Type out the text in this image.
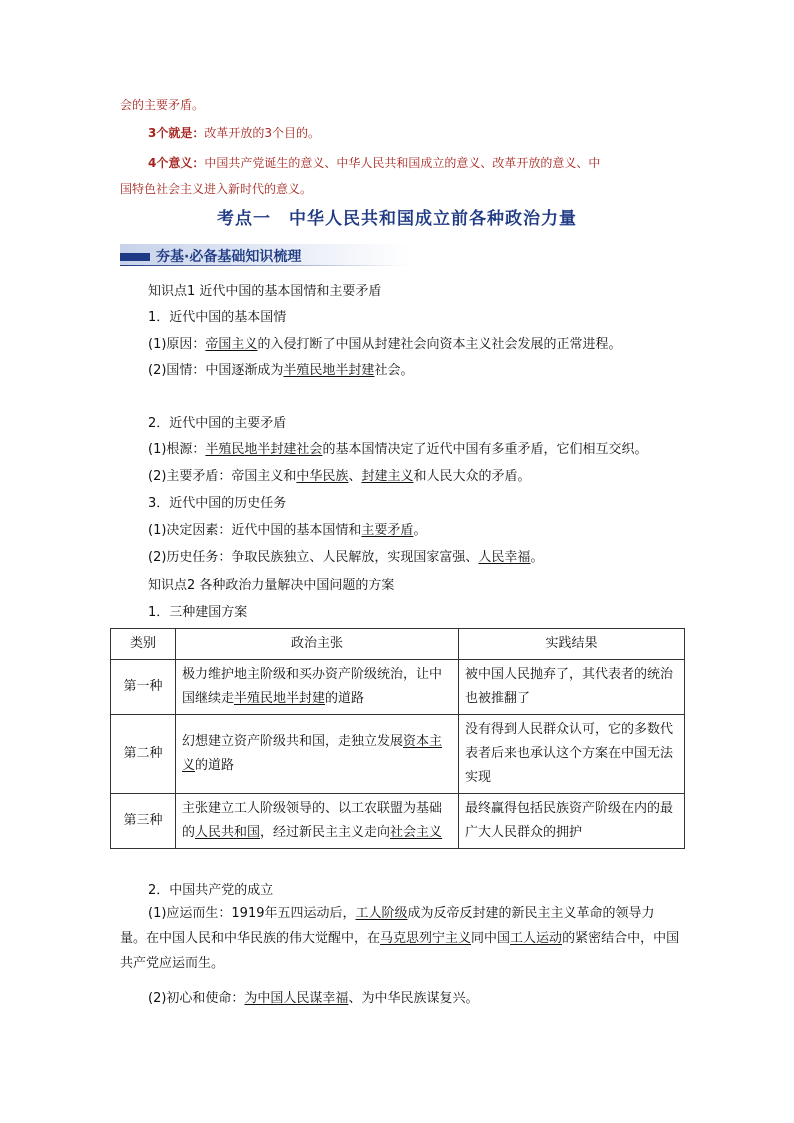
会的主要矛盾。
3个就是：改革开放的3个目的。
4个意义：中国共产党诞生的意义、中华人民共和国成立的意义、改革开放的意义、中
国特色社会主义进入新时代的意义。
考点一 中华人民共和国成立前各种政治力量
夯基·必备基础知识梳理
知识点1 近代中国的基本国情和主要矛盾
1．近代中国的基本国情
(1)原因：帝国主义的入侵打断了中国从封建社会向资本主义社会发展的正常进程。
(2)国情：中国逐渐成为半殖民地半封建社会。
2．近代中国的主要矛盾
(1)根源：半殖民地半封建社会的基本国情决定了近代中国有多重矛盾，它们相互交织。
(2)主要矛盾：帝国主义和中华民族、封建主义和人民大众的矛盾。
3．近代中国的历史任务
(1)决定因素：近代中国的基本国情和主要矛盾。
(2)历史任务：争取民族独立、人民解放，实现国家富强、人民幸福。
知识点2 各种政治力量解决中国问题的方案
1．三种建国方案
类别	政治主张	实践结果
第一种	极力维护地主阶级和买办资产阶级统治，让中国继续走半殖民地半封建的道路	被中国人民抛弃了，其代表者的统治也被推翻了
第二种	幻想建立资产阶级共和国，走独立发展资本主义的道路	没有得到人民群众认可，它的多数代表者后来也承认这个方案在中国无法实现
第三种	主张建立工人阶级领导的、以工农联盟为基础的人民共和国，经过新民主主义走向社会主义	最终赢得包括民族资产阶级在内的最广大人民群众的拥护
2．中国共产党的成立
(1)应运而生：1919年五四运动后，工人阶级成为反帝反封建的新民主主义革命的领导力量。在中国人民和中华民族的伟大觉醒中，在马克思列宁主义同中国工人运动的紧密结合中，中国共产党应运而生。
(2)初心和使命：为中国人民谋幸福、为中华民族谋复兴。
